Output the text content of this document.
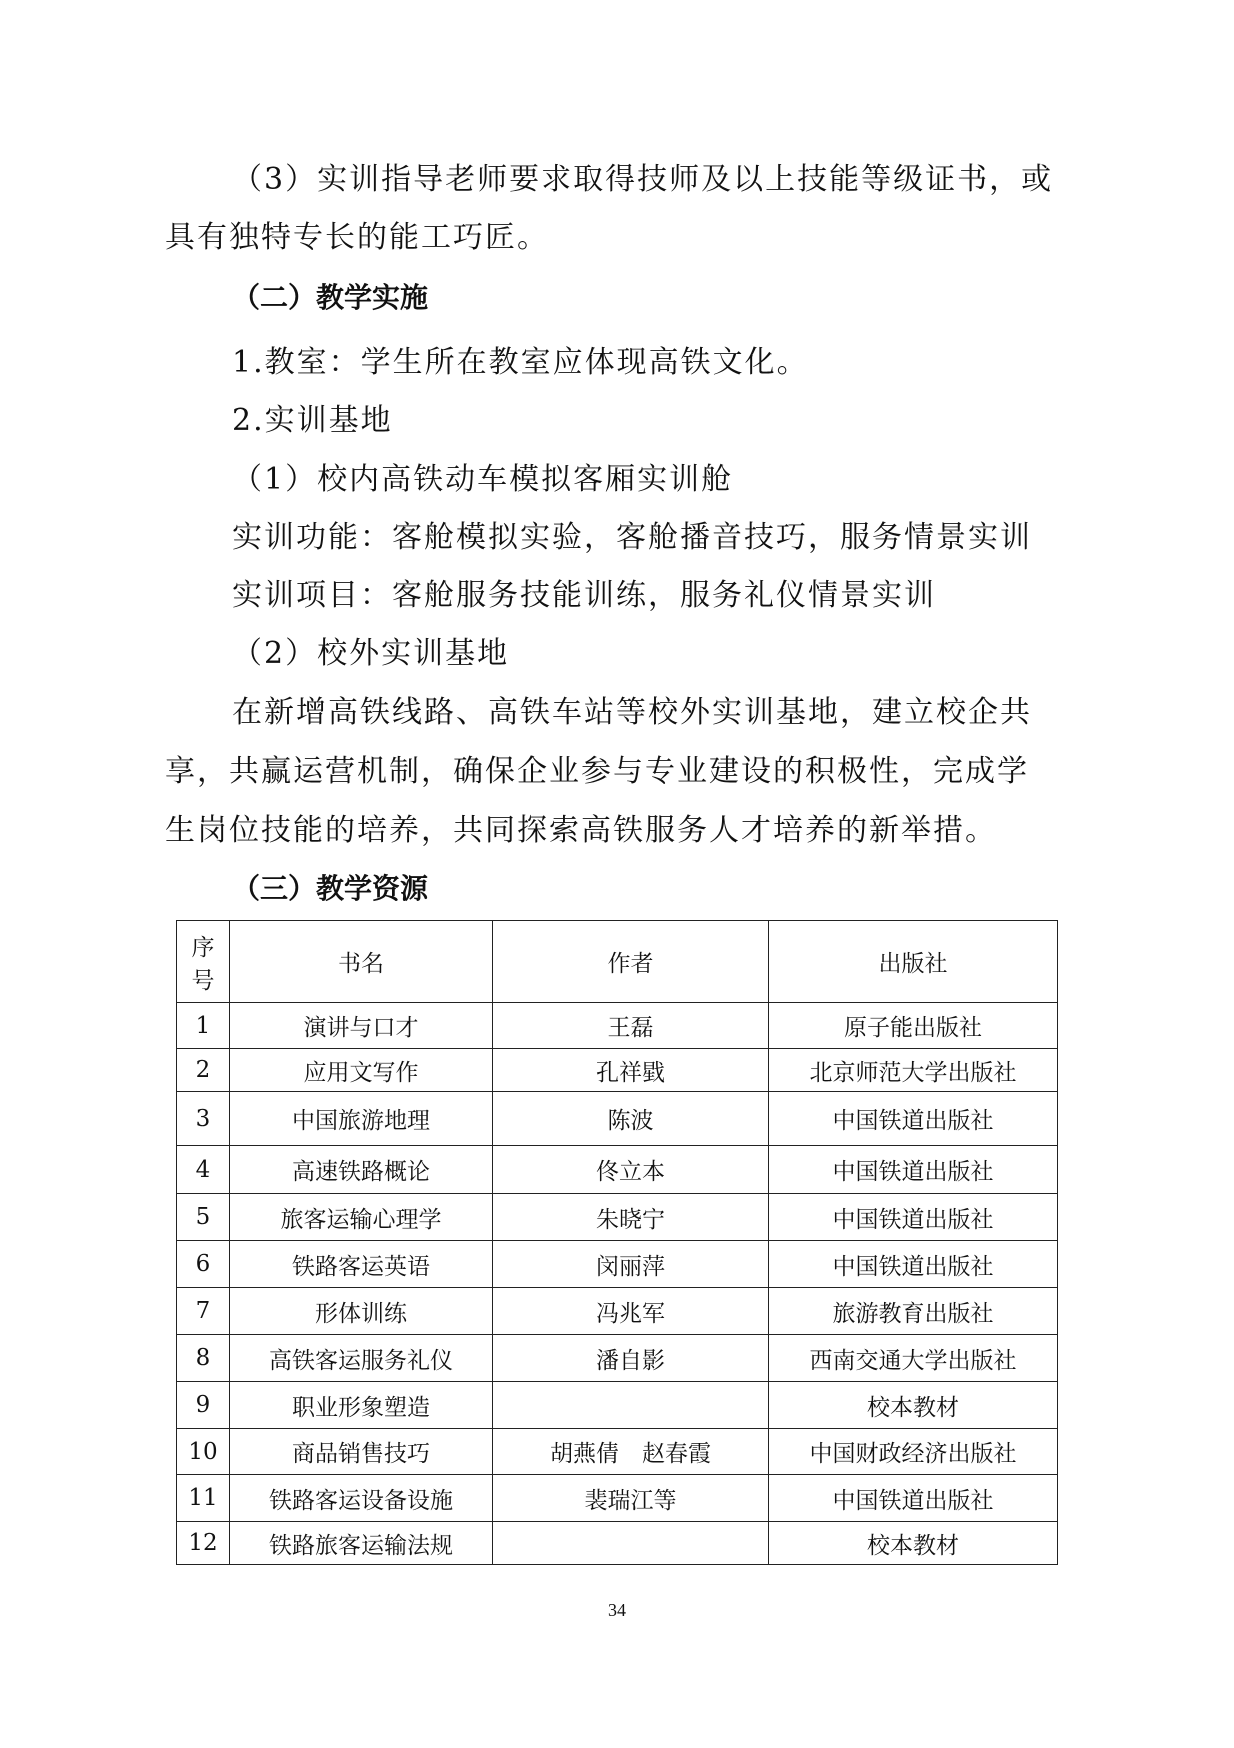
（3）实训指导老师要求取得技师及以上技能等级证书，或
具有独特专长的能工巧匠。
（二）教学实施
1.教室：学生所在教室应体现高铁文化。
2.实训基地
（1）校内高铁动车模拟客厢实训舱
实训功能：客舱模拟实验，客舱播音技巧，服务情景实训
实训项目：客舱服务技能训练，服务礼仪情景实训
（2）校外实训基地
在新增高铁线路、高铁车站等校外实训基地，建立校企共
享，共赢运营机制，确保企业参与专业建设的积极性，完成学
生岗位技能的培养，共同探索高铁服务人才培养的新举措。
（三）教学资源
序
号	书名	作者	出版社
1	演讲与口才	王磊	原子能出版社
2	应用文写作	孔祥戥	北京师范大学出版社
3	中国旅游地理	陈波	中国铁道出版社
4	高速铁路概论	佟立本	中国铁道出版社
5	旅客运输心理学	朱晓宁	中国铁道出版社
6	铁路客运英语	闵丽萍	中国铁道出版社
7	形体训练	冯兆军	旅游教育出版社
8	高铁客运服务礼仪	潘自影	西南交通大学出版社
9	职业形象塑造		校本教材
10	商品销售技巧	胡燕倩　赵春霞	中国财政经济出版社
11	铁路客运设备设施	裴瑞江等	中国铁道出版社
12	铁路旅客运输法规		校本教材
34
